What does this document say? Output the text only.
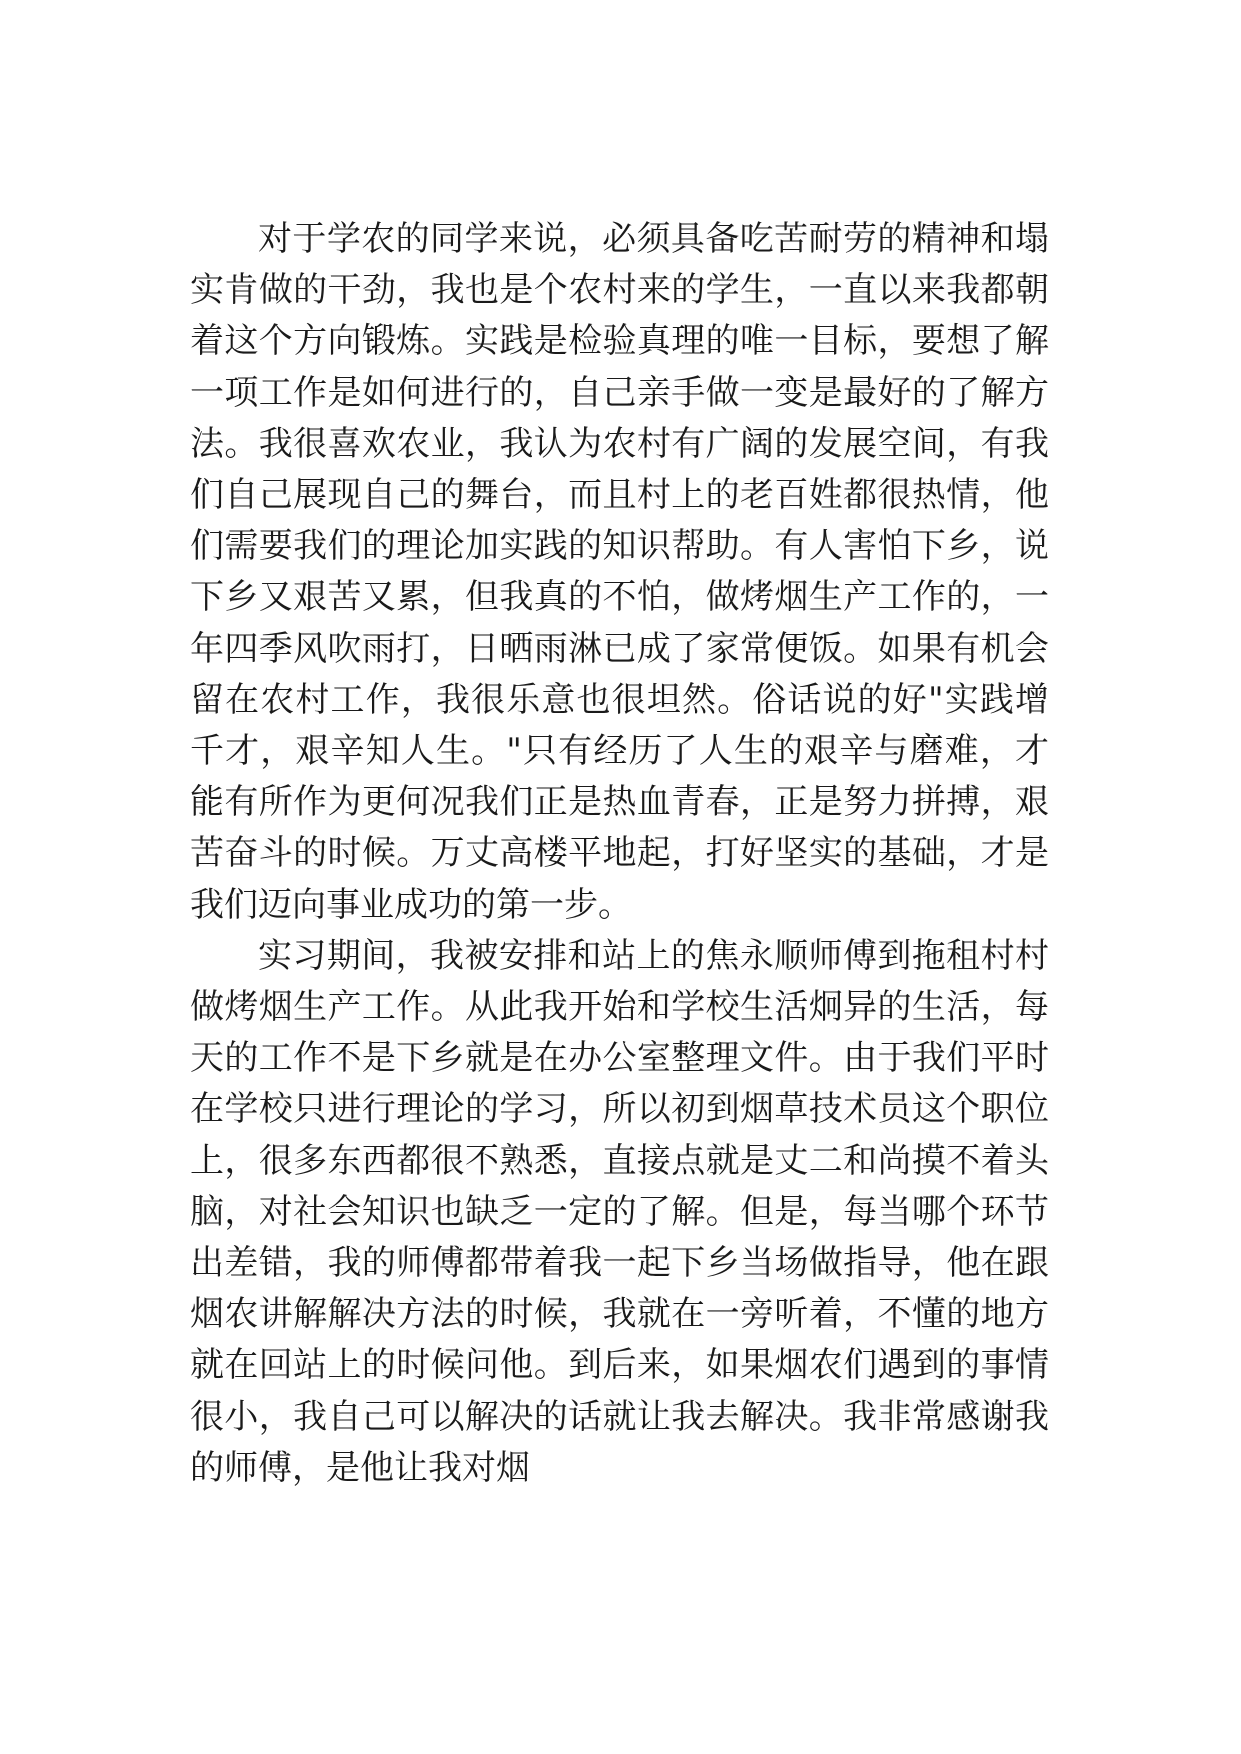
对于学农的同学来说，必须具备吃苦耐劳的精神和塌实肯做的干劲，我也是个农村来的学生，一直以来我都朝着这个方向锻炼。实践是检验真理的唯一目标，要想了解一项工作是如何进行的，自己亲手做一变是最好的了解方法。我很喜欢农业，我认为农村有广阔的发展空间，有我们自己展现自己的舞台，而且村上的老百姓都很热情，他们需要我们的理论加实践的知识帮助。有人害怕下乡，说下乡又艰苦又累，但我真的不怕，做烤烟生产工作的，一年四季风吹雨打，日晒雨淋已成了家常便饭。如果有机会留在农村工作，我很乐意也很坦然。俗话说的好"实践增千才，艰辛知人生。"只有经历了人生的艰辛与磨难，才能有所作为更何况我们正是热血青春，正是努力拼搏，艰苦奋斗的时候。万丈高楼平地起，打好坚实的基础，才是我们迈向事业成功的第一步。

实习期间，我被安排和站上的焦永顺师傅到拖租村村做烤烟生产工作。从此我开始和学校生活炯异的生活，每天的工作不是下乡就是在办公室整理文件。由于我们平时在学校只进行理论的学习，所以初到烟草技术员这个职位上，很多东西都很不熟悉，直接点就是丈二和尚摸不着头脑，对社会知识也缺乏一定的了解。但是，每当哪个环节出差错，我的师傅都带着我一起下乡当场做指导，他在跟烟农讲解解决方法的时候，我就在一旁听着，不懂的地方就在回站上的时候问他。到后来，如果烟农们遇到的事情很小，我自己可以解决的话就让我去解决。我非常感谢我的师傅，是他让我对烟
